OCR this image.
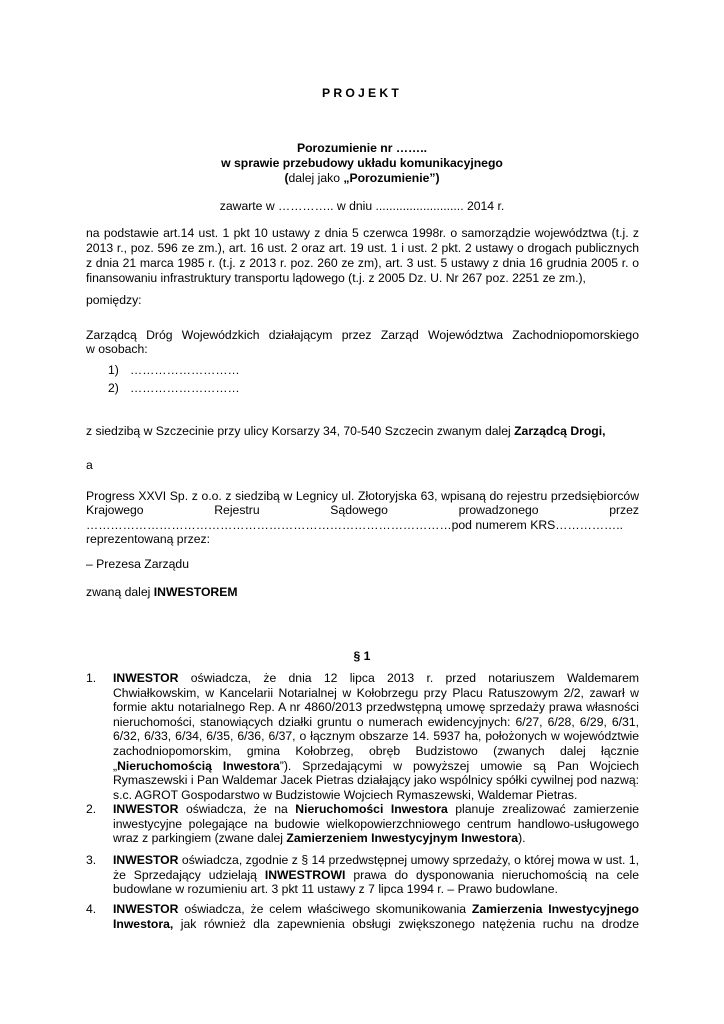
PROJEKT

Porozumienie nr ……..

w sprawie przebudowy układu komunikacyjnego

(dalej jako „Porozumienie”)

zawarte w ………….. w dniu .......................... 2014 r.

na podstawie art.14 ust. 1 pkt 10 ustawy z dnia 5 czerwca 1998r. o samorządzie województwa (t.j. z

2013 r., poz. 596 ze zm.), art. 16 ust. 2 oraz art. 19 ust. 1 i ust. 2 pkt. 2 ustawy o drogach publicznych

z dnia 21 marca 1985 r. (t.j. z 2013 r. poz. 260 ze zm), art. 3 ust. 5 ustawy z dnia 16 grudnia 2005 r. o

finansowaniu infrastruktury transportu lądowego (t.j. z 2005 Dz. U. Nr 267 poz. 2251 ze zm.),

pomiędzy:

Zarządcą Dróg Wojewódzkich działającym przez Zarząd Województwa Zachodniopomorskiego

w osobach:

1) ………………………
2) ………………………

z siedzibą w Szczecinie przy ulicy Korsarzy 34, 70-540 Szczecin zwanym dalej Zarządcą Drogi,

a

Progress XXVI Sp. z o.o. z siedzibą w Legnicy ul. Złotoryjska 63, wpisaną do rejestru przedsiębiorców

Krajowego Rejestru Sądowego prowadzonego przez

………………………………………………………………………………pod numerem KRS……………..

reprezentowaną przez:

– Prezesa Zarządu

zwaną dalej INWESTOREM

§ 1

1. INWESTOR oświadcza, że dnia 12 lipca 2013 r. przed notariuszem Waldemarem
Chwiałkowskim, w Kancelarii Notarialnej w Kołobrzegu przy Placu Ratuszowym 2/2, zawarł w
formie aktu notarialnego Rep. A nr 4860/2013 przedwstępną umowę sprzedaży prawa własności
nieruchomości, stanowiących działki gruntu o numerach ewidencyjnych: 6/27, 6/28, 6/29, 6/31,
6/32, 6/33, 6/34, 6/35, 6/36, 6/37, o łącznym obszarze 14. 5937 ha, położonych w województwie
zachodniopomorskim, gmina Kołobrzeg, obręb Budzistowo (zwanych dalej łącznie
„Nieruchomością Inwestora”). Sprzedającymi w powyższej umowie są Pan Wojciech
Rymaszewski i Pan Waldemar Jacek Pietras działający jako wspólnicy spółki cywilnej pod nazwą:
s.c. AGROT Gospodarstwo w Budzistowie Wojciech Rymaszewski, Waldemar Pietras.
2. INWESTOR oświadcza, że na Nieruchomości Inwestora planuje zrealizować zamierzenie
inwestycyjne polegające na budowie wielkopowierzchniowego centrum handlowo-usługowego
wraz z parkingiem (zwane dalej Zamierzeniem Inwestycyjnym Inwestora).
3. INWESTOR oświadcza, zgodnie z § 14 przedwstępnej umowy sprzedaży, o której mowa w ust. 1,
że Sprzedający udzielają INWESTROWI prawa do dysponowania nieruchomością na cele
budowlane w rozumieniu art. 3 pkt 11 ustawy z 7 lipca 1994 r. – Prawo budowlane.
4. INWESTOR oświadcza, że celem właściwego skomunikowania Zamierzenia Inwestycyjnego
Inwestora, jak również dla zapewnienia obsługi zwiększonego natężenia ruchu na drodze
